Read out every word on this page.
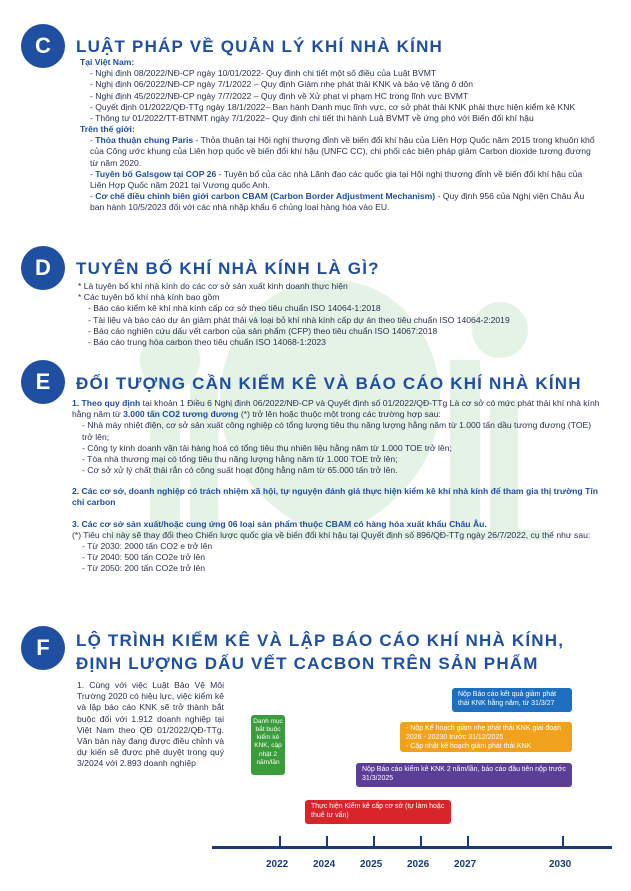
C	LUẬT PHÁP VỀ QUẢN LÝ KHÍ NHÀ KÍNH
Tại Việt Nam:
- Nghị định 08/2022/NĐ-CP ngày 10/01/2022- Quy định chi tiết một số điều của Luật BVMT
- Nghị định 06/2022/NĐ-CP ngày 7/1/2022 – Quy định Giảm nhẹ phát thải KNK và bảo vệ tầng ô dôn
- Nghị định 45/2022/NĐ-CP ngày 7/7/2022 – Quy định về Xử phạt vi phạm HC trong lĩnh vực BVMT
- Quyết định 01/2022/QĐ-TTg ngày 18/1/2022– Ban hành Danh mục lĩnh vực, cơ sở phát thải KNK phải thực hiện kiểm kê KNK
- Thông tư 01/2022/TT-BTNMT ngày 7/1/2022– Quy định chi tiết thi hành Luậ BVMT về ứng phó với Biến đổi khí hậu
Trên thế giới:
- Thỏa thuận chung Paris - Thỏa thuận tại Hội nghị thượng đỉnh về biến đổi khí hậu của Liên Hợp Quốc năm 2015 trong khuôn khổ của Công ước khung của Liên hợp quốc về biến đổi khí hậu (UNFC CC), chi phối các biện pháp giảm Carbon dioxide tương đương từ năm 2020.
- Tuyên bố Galsgow tại COP 26 - Tuyên bố của các nhà Lãnh đạo các quốc gia tại Hội nghị thượng đỉnh về biến đổi khí hậu của Liên Hợp Quốc năm 2021 tại Vương quốc Anh.
- Cơ chế điều chỉnh biên giới carbon CBAM (Carbon Border Adjustment Mechanism) - Quy định 956 của Nghị viện Châu Âu ban hành 10/5/2023 đối với các nhà nhập khẩu 6 chủng loại hàng hóa vào EU.
D	TUYÊN BỐ KHÍ NHÀ KÍNH LÀ GÌ?
* Là tuyên bố khí nhà kính do các cơ sở sản xuất kinh doanh thực hiện
* Các tuyên bố khí nhà kính bao gồm
- Báo cáo kiểm kê khí nhà kính cấp cơ sở theo tiêu chuẩn ISO 14064-1:2018
- Tài liệu và báo cáo dự án giảm phát thải và loại bỏ khí nhà kính cấp dự án theo tiêu chuẩn ISO 14064-2:2019
- Báo cáo nghiên cứu dấu vết carbon của sản phẩm (CFP) theo tiêu chuẩn ISO 14067:2018
- Báo cáo trung hòa carbon theo tiêu chuẩn ISO 14068-1:2023
E	ĐỐI TƯỢNG CẦN KIỂM KÊ VÀ BÁO CÁO KHÍ NHÀ KÍNH
1. Theo quy định tại khoản 1 Điều 6 Nghị định 06/2022/NĐ-CP và Quyết định số 01/2022/QĐ-TTg Là cơ sở có mức phát thải khí nhà kính hằng năm từ 3.000 tấn CO2 tương đương (*) trở lên hoặc thuộc một trong các trường hợp sau:
- Nhà máy nhiệt điện, cơ sở sản xuất công nghiệp có tổng lượng tiêu thụ năng lượng hằng năm từ 1.000 tấn dầu tương đương (TOE) trở lên;
- Công ty kinh doanh vận tải hàng hoá có tổng tiêu thụ nhiên liệu hằng năm từ 1.000 TOE trở lên;
- Tòa nhà thương mại có tổng tiêu thụ năng lượng hằng năm từ 1.000 TOE trở lên;
- Cơ sở xử lý chất thải rắn có công suất hoạt động hằng năm từ 65.000 tấn trở lên.
2. Các cơ sở, doanh nghiệp có trách nhiệm xã hội, tự nguyện đánh giá thực hiện kiểm kê khí nhà kính để tham gia thị trường Tín chỉ carbon
3. Các cơ sở sản xuất/hoặc cung ứng 06 loại sản phẩm thuộc CBAM có hàng hóa xuất khẩu Châu Âu.
(*) Tiêu chí này sẽ thay đổi theo Chiến lược quốc gia về biến đổi khí hậu tại Quyết định số 896/QĐ-TTg ngày 26/7/2022, cụ thể như sau:
- Từ 2030: 2000 tấn CO2 e trở lên
- Từ 2040: 500 tấn CO2e trở lên
- Từ 2050: 200 tấn CO2e trở lên
F	LỘ TRÌNH KIỂM KÊ VÀ LẬP BÁO CÁO KHÍ NHÀ KÍNH,
ĐỊNH LƯỢNG DẤU VẾT CACBON TRÊN SẢN PHẨM
1. Cùng với việc Luật Bảo Vệ Môi Trường 2020 có hiệu lực, việc kiểm kê và lập báo cáo KNK sẽ trở thành bắt buộc đối với 1.912 doanh nghiệp tại Việt Nam theo QĐ 01/2022/QĐ-TTg. Văn bản này đang được điều chỉnh và dự kiến sẽ được phê duyệt trong quý 3/2024 với 2.893 doanh nghiệp
Danh mục bắt buộc kiểm kê KNK, cập nhật 2 năm/lần
Nộp Báo cáo kết quả giảm phát thải KNK hằng năm, từ 31/3/27
- Nộp Kế hoạch giảm nhẹ phát thải KNK giai đoạn 2026 - 20230 trước 31/12/2025
- Cập nhật kế hoạch giảm phát thải KNK
Nộp Báo cáo kiểm kê KNK 2 năm/lần, báo cáo đầu tiên nộp trước 31/3/2025
Thực hiện Kiểm kê cấp cơ sở (tự làm hoặc thuê tư vấn)
2022 2024 2025 2026 2027	2030
